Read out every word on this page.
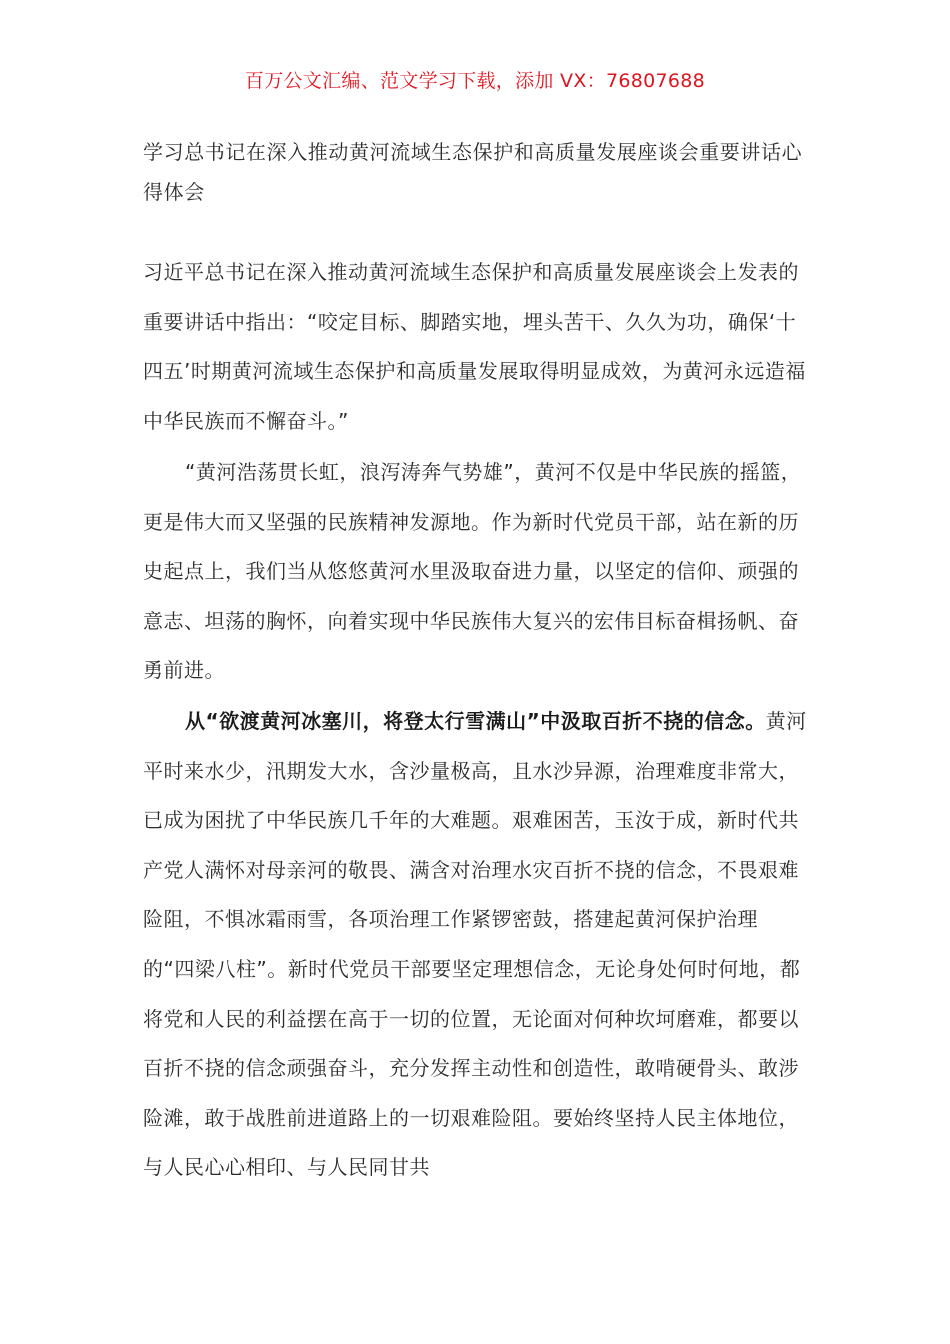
百万公文汇编、范文学习下载，添加 VX：76807688
学习总书记在深入推动黄河流域生态保护和高质量发展座谈会重要讲话心得体会

习近平总书记在深入推动黄河流域生态保护和高质量发展座谈会上发表的重要讲话中指出：“咬定目标、脚踏实地，埋头苦干、久久为功，确保‘十四五’时期黄河流域生态保护和高质量发展取得明显成效，为黄河永远造福中华民族而不懈奋斗。”

“黄河浩荡贯长虹，浪泻涛奔气势雄”，黄河不仅是中华民族的摇篮，更是伟大而又坚强的民族精神发源地。作为新时代党员干部，站在新的历史起点上，我们当从悠悠黄河水里汲取奋进力量，以坚定的信仰、顽强的意志、坦荡的胸怀，向着实现中华民族伟大复兴的宏伟目标奋楫扬帆、奋勇前进。

从“欲渡黄河冰塞川，将登太行雪满山”中汲取百折不挠的信念。黄河平时来水少，汛期发大水，含沙量极高，且水沙异源，治理难度非常大，已成为困扰了中华民族几千年的大难题。艰难困苦，玉汝于成，新时代共产党人满怀对母亲河的敬畏、满含对治理水灾百折不挠的信念，不畏艰难险阻，不惧冰霜雨雪，各项治理工作紧锣密鼓，搭建起黄河保护治理的“四梁八柱”。新时代党员干部要坚定理想信念，无论身处何时何地，都将党和人民的利益摆在高于一切的位置，无论面对何种坎坷磨难，都要以百折不挠的信念顽强奋斗，充分发挥主动性和创造性，敢啃硬骨头、敢涉险滩，敢于战胜前进道路上的一切艰难险阻。要始终坚持人民主体地位，与人民心心相印、与人民同甘共
